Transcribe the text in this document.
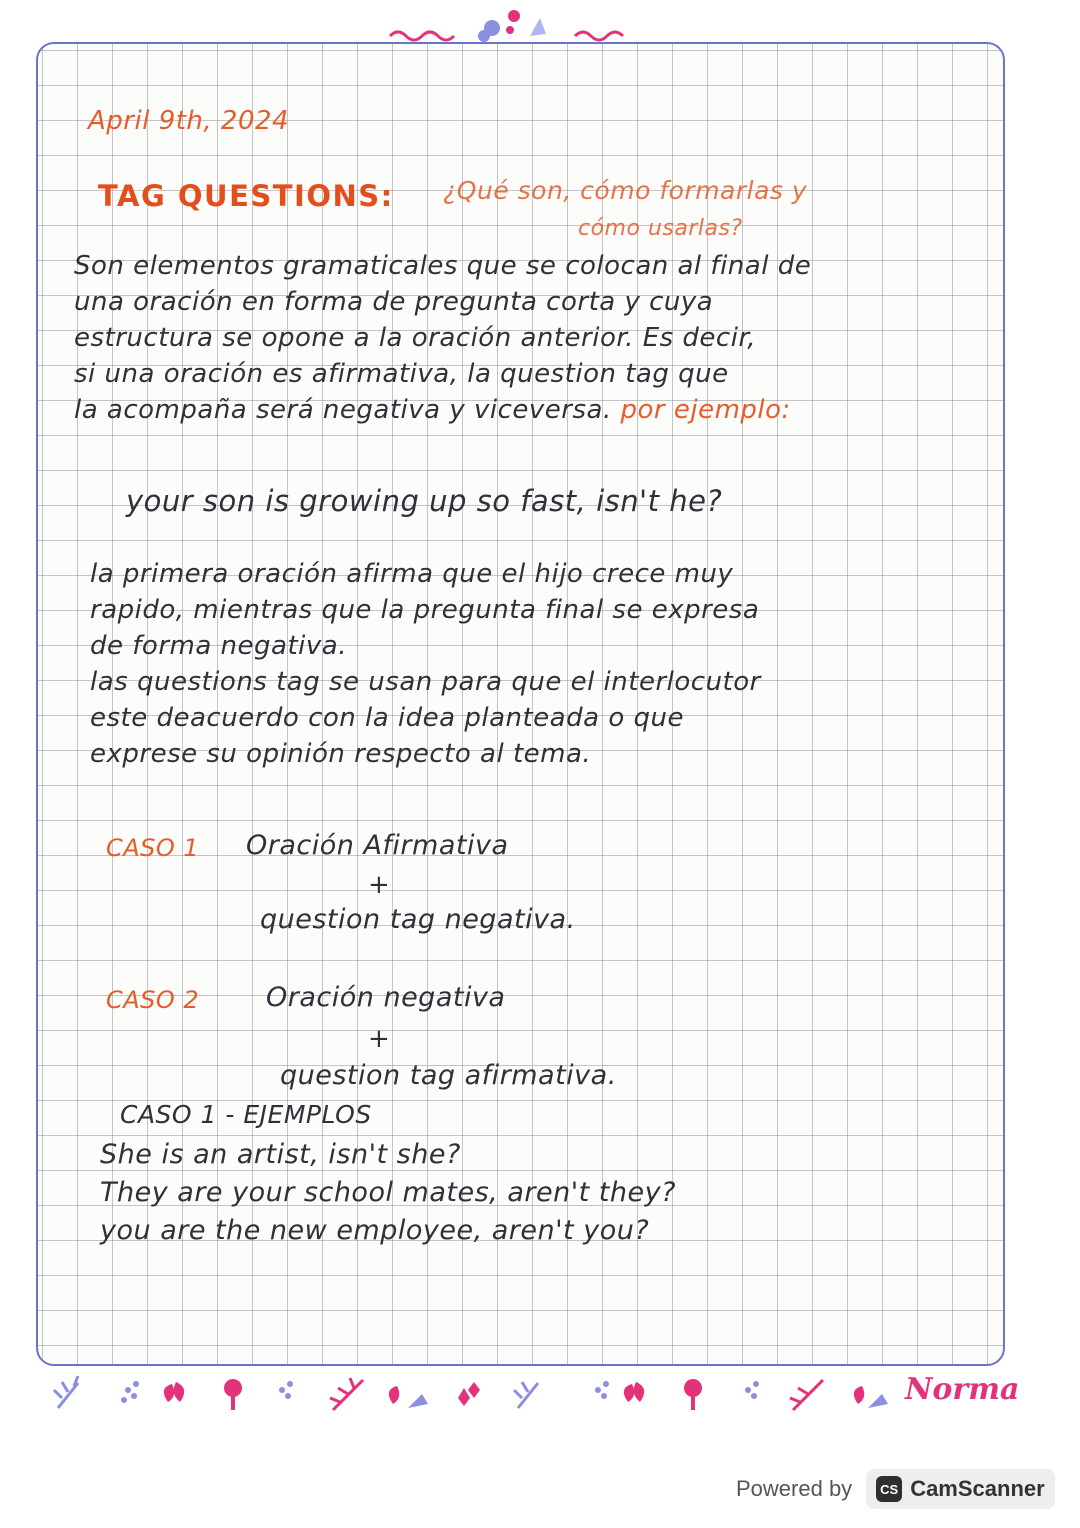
April 9th, 2024

TAG QUESTIONS: ¿Qué son, cómo formarlas y

cómo usarlas?

Son elementos gramaticales que se colocan al final de
una oración en forma de pregunta corta y cuya
estructura se opone a la oración anterior. Es decir,
si una oración es afirmativa, la question tag que
la acompaña será negativa y viceversa. por ejemplo:

your son is growing up so fast, isn't he?

la primera oración afirma que el hijo crece muy
rapido, mientras que la pregunta final se expresa
de forma negativa.
las questions tag se usan para que el interlocutor
este deacuerdo con la idea planteada o que
exprese su opinión respecto al tema.

CASO 1 Oración Afirmativa

+

question tag negativa.

CASO 2 Oración negativa

+

question tag afirmativa.

CASO 1 - EJEMPLOS

She is an artist, isn't she?
They are your school mates, aren't they?
you are the new employee, aren't you?
Norma
Powered by	CS CamScanner
